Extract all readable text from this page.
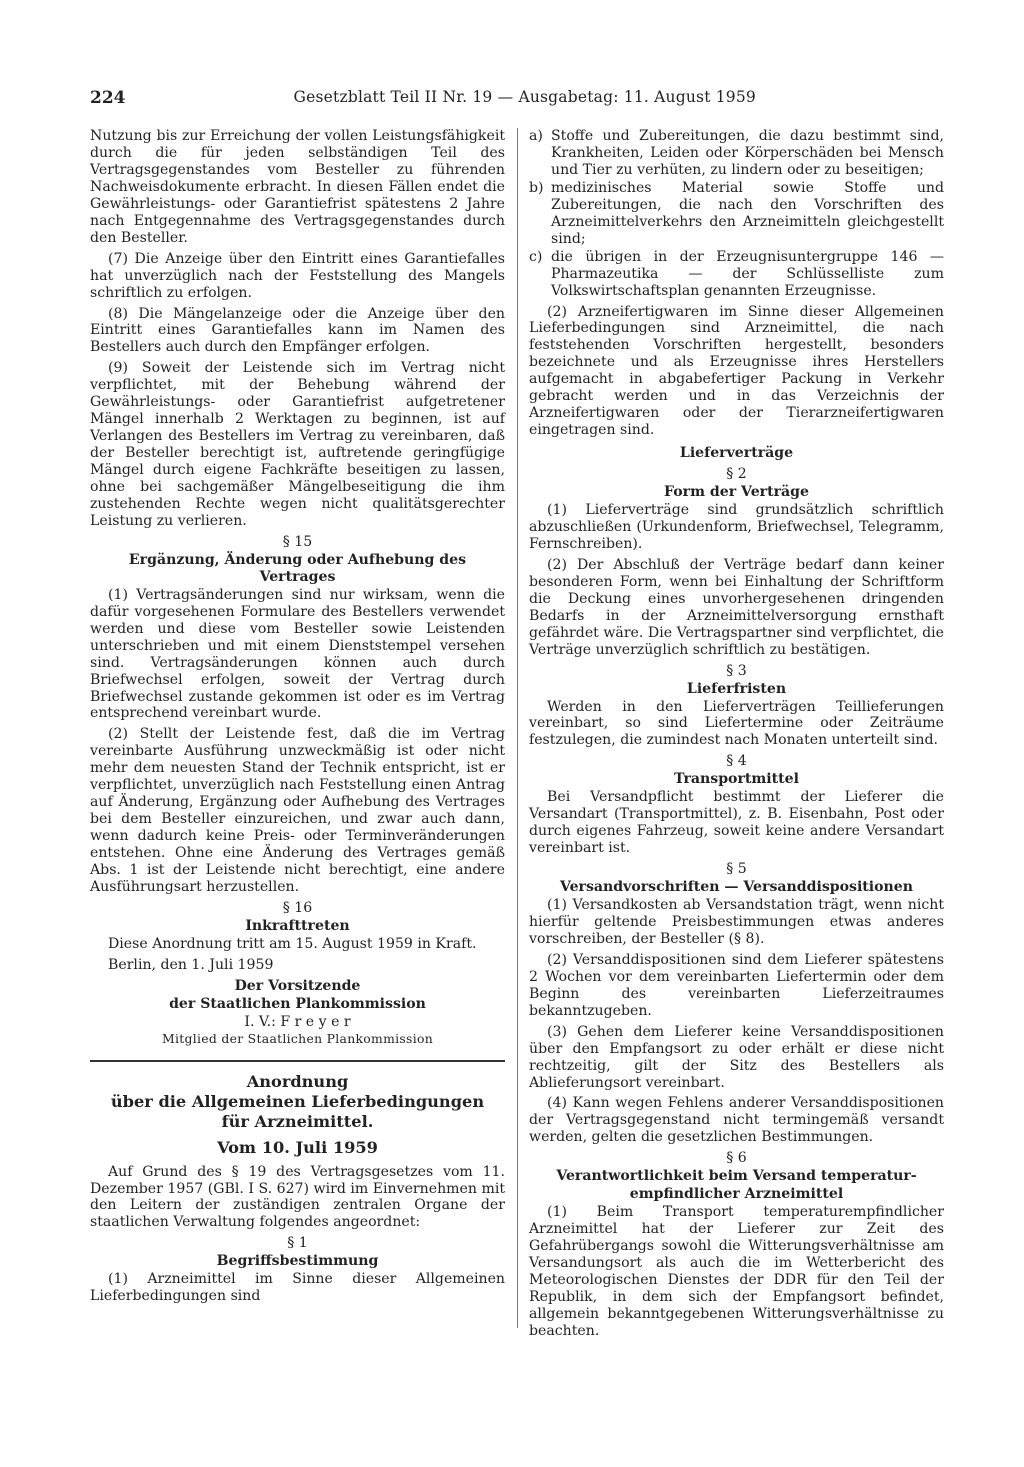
224	Gesetzblatt Teil II Nr. 19 — Ausgabetag: 11. August 1959

Nutzung bis zur Erreichung der vollen Leistungsfähigkeit durch die für jeden selbständigen Teil des Vertragsgegenstandes vom Besteller zu führenden Nachweisdokumente erbracht. In diesen Fällen endet die Gewährleistungs- oder Garantiefrist spätestens 2 Jahre nach Entgegennahme des Vertragsgegenstandes durch den Besteller.

(7) Die Anzeige über den Eintritt eines Garantiefalles hat unverzüglich nach der Feststellung des Mangels schriftlich zu erfolgen.

(8) Die Mängelanzeige oder die Anzeige über den Eintritt eines Garantiefalles kann im Namen des Bestellers auch durch den Empfänger erfolgen.

(9) Soweit der Leistende sich im Vertrag nicht verpflichtet, mit der Behebung während der Gewährleistungs- oder Garantiefrist aufgetretener Mängel innerhalb 2 Werktagen zu beginnen, ist auf Verlangen des Bestellers im Vertrag zu vereinbaren, daß der Besteller berechtigt ist, auftretende geringfügige Mängel durch eigene Fachkräfte beseitigen zu lassen, ohne bei sachgemäßer Mängelbeseitigung die ihm zustehenden Rechte wegen nicht qualitätsgerechter Leistung zu verlieren.

§ 15
Ergänzung, Änderung oder Aufhebung des Vertrages

(1) Vertragsänderungen sind nur wirksam, wenn die dafür vorgesehenen Formulare des Bestellers verwendet werden und diese vom Besteller sowie Leistenden unterschrieben und mit einem Dienststempel versehen sind. Vertragsänderungen können auch durch Briefwechsel erfolgen, soweit der Vertrag durch Briefwechsel zustande gekommen ist oder es im Vertrag entsprechend vereinbart wurde.

(2) Stellt der Leistende fest, daß die im Vertrag vereinbarte Ausführung unzweckmäßig ist oder nicht mehr dem neuesten Stand der Technik entspricht, ist er verpflichtet, unverzüglich nach Feststellung einen Antrag auf Änderung, Ergänzung oder Aufhebung des Vertrages bei dem Besteller einzureichen, und zwar auch dann, wenn dadurch keine Preis- oder Terminveränderungen entstehen. Ohne eine Änderung des Vertrages gemäß Abs. 1 ist der Leistende nicht berechtigt, eine andere Ausführungsart herzustellen.

§ 16
Inkrafttreten

Diese Anordnung tritt am 15. August 1959 in Kraft.

Berlin, den 1. Juli 1959

Der Vorsitzende
der Staatlichen Plankommission
I. V.: F r e y e r
Mitglied der Staatlichen Plankommission
Anordnung
über die Allgemeinen Lieferbedingungen
für Arzneimittel.
Vom 10. Juli 1959

Auf Grund des § 19 des Vertragsgesetzes vom 11. Dezember 1957 (GBl. I S. 627) wird im Einvernehmen mit den Leitern der zuständigen zentralen Organe der staatlichen Verwaltung folgendes angeordnet:

§ 1
Begriffsbestimmung

(1) Arzneimittel im Sinne dieser Allgemeinen Lieferbedingungen sind

a) Stoffe und Zubereitungen, die dazu bestimmt sind, Krankheiten, Leiden oder Körperschäden bei Mensch und Tier zu verhüten, zu lindern oder zu beseitigen;
b) medizinisches Material sowie Stoffe und Zubereitungen, die nach den Vorschriften des Arzneimittelverkehrs den Arzneimitteln gleichgestellt sind;
c) die übrigen in der Erzeugnisuntergruppe 146 — Pharmazeutika — der Schlüsselliste zum Volkswirtschaftsplan genannten Erzeugnisse.

(2) Arzneifertigwaren im Sinne dieser Allgemeinen Lieferbedingungen sind Arzneimittel, die nach feststehenden Vorschriften hergestellt, besonders bezeichnete und als Erzeugnisse ihres Herstellers aufgemacht in abgabefertiger Packung in Verkehr gebracht werden und in das Verzeichnis der Arzneifertigwaren oder der Tierarzneifertigwaren eingetragen sind.

Lieferverträge
§ 2
Form der Verträge

(1) Lieferverträge sind grundsätzlich schriftlich abzuschließen (Urkundenform, Briefwechsel, Telegramm, Fernschreiben).

(2) Der Abschluß der Verträge bedarf dann keiner besonderen Form, wenn bei Einhaltung der Schriftform die Deckung eines unvorhergesehenen dringenden Bedarfs in der Arzneimittelversorgung ernsthaft gefährdet wäre. Die Vertragspartner sind verpflichtet, die Verträge unverzüglich schriftlich zu bestätigen.

§ 3
Lieferfristen

Werden in den Lieferverträgen Teillieferungen vereinbart, so sind Liefertermine oder Zeiträume festzulegen, die zumindest nach Monaten unterteilt sind.

§ 4
Transportmittel

Bei Versandpflicht bestimmt der Lieferer die Versandart (Transportmittel), z. B. Eisenbahn, Post oder durch eigenes Fahrzeug, soweit keine andere Versandart vereinbart ist.

§ 5
Versandvorschriften — Versanddispositionen

(1) Versandkosten ab Versandstation trägt, wenn nicht hierfür geltende Preisbestimmungen etwas anderes vorschreiben, der Besteller (§ 8).

(2) Versanddispositionen sind dem Lieferer spätestens 2 Wochen vor dem vereinbarten Liefertermin oder dem Beginn des vereinbarten Lieferzeitraumes bekanntzugeben.

(3) Gehen dem Lieferer keine Versanddispositionen über den Empfangsort zu oder erhält er diese nicht rechtzeitig, gilt der Sitz des Bestellers als Ablieferungsort vereinbart.

(4) Kann wegen Fehlens anderer Versanddispositionen der Vertragsgegenstand nicht termingemäß versandt werden, gelten die gesetzlichen Bestimmungen.

§ 6
Verantwortlichkeit beim Versand temperatur-
empfindlicher Arzneimittel

(1) Beim Transport temperaturempfindlicher Arzneimittel hat der Lieferer zur Zeit des Gefahrübergangs sowohl die Witterungsverhältnisse am Versandungsort als auch die im Wetterbericht des Meteorologischen Dienstes der DDR für den Teil der Republik, in dem sich der Empfangsort befindet, allgemein bekanntgegebenen Witterungsverhältnisse zu beachten.
